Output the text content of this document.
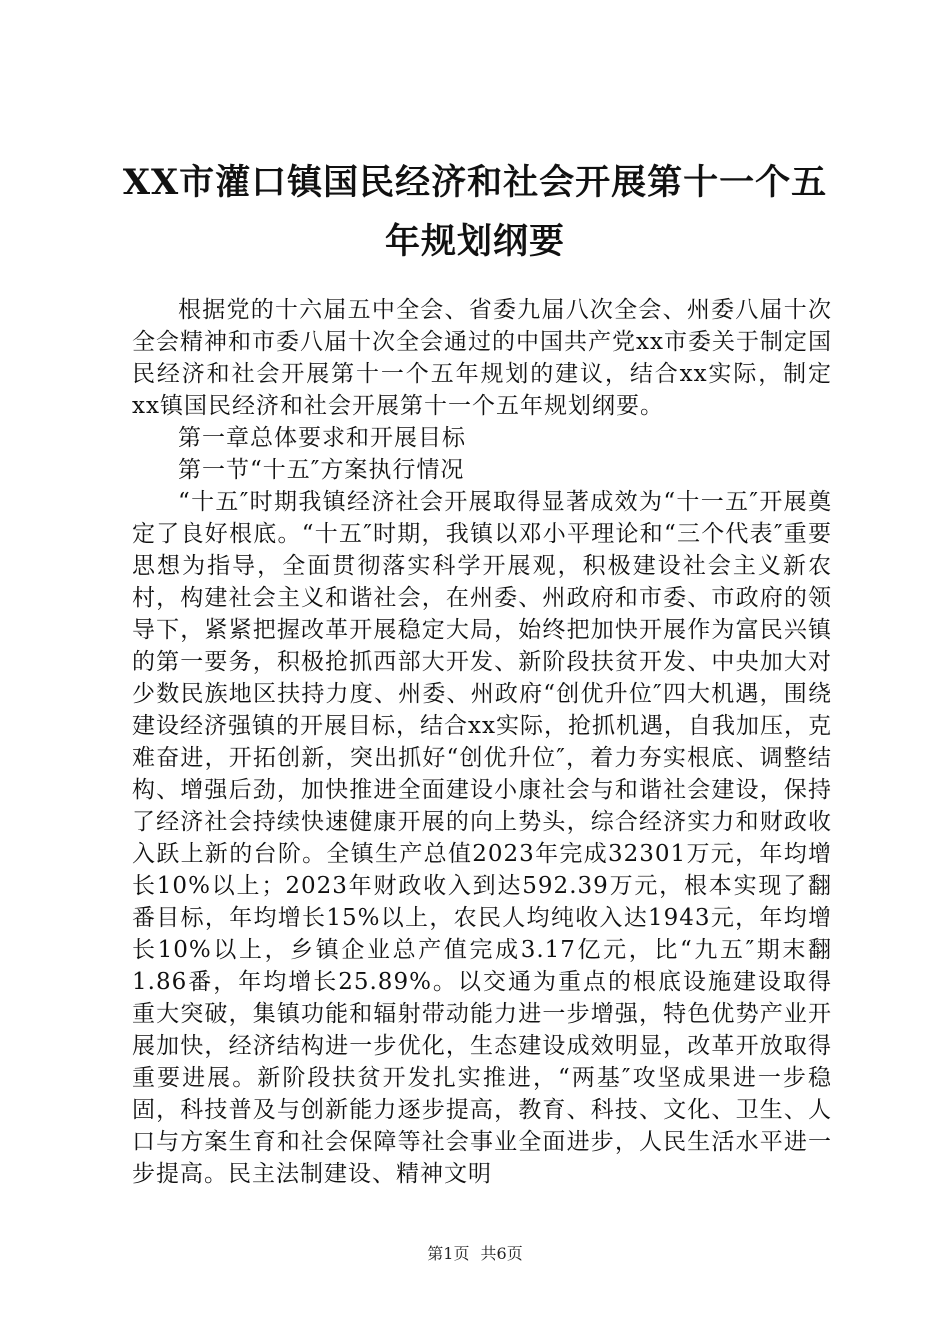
XX市灌口镇国民经济和社会开展第十一个五
年规划纲要

根据党的十六届五中全会、省委九届八次全会、州委八届十次全会精神和市委八届十次全会通过的中国共产党xx市委关于制定国民经济和社会开展第十一个五年规划的建议，结合xx实际，制定xx镇国民经济和社会开展第十一个五年规划纲要。

第一章总体要求和开展目标

第一节“十五″方案执行情况

“十五″时期我镇经济社会开展取得显著成效为“十一五″开展奠定了良好根底。“十五″时期，我镇以邓小平理论和“三个代表″重要思想为指导，全面贯彻落实科学开展观，积极建设社会主义新农村，构建社会主义和谐社会，在州委、州政府和市委、市政府的领导下，紧紧把握改革开展稳定大局，始终把加快开展作为富民兴镇的第一要务，积极抢抓西部大开发、新阶段扶贫开发、中央加大对少数民族地区扶持力度、州委、州政府“创优升位″四大机遇，围绕建设经济强镇的开展目标，结合xx实际，抢抓机遇，自我加压，克难奋进，开拓创新，突出抓好“创优升位″，着力夯实根底、调整结构、增强后劲，加快推进全面建设小康社会与和谐社会建设，保持了经济社会持续快速健康开展的向上势头，综合经济实力和财政收入跃上新的台阶。全镇生产总值2023年完成32301万元，年均增长10%以上；2023年财政收入到达592.39万元，根本实现了翻番目标，年均增长15%以上，农民人均纯收入达1943元，年均增长10%以上，乡镇企业总产值完成3.17亿元，比“九五″期末翻1.86番，年均增长25.89%。以交通为重点的根底设施建设取得重大突破，集镇功能和辐射带动能力进一步增强，特色优势产业开展加快，经济结构进一步优化，生态建设成效明显，改革开放取得重要进展。新阶段扶贫开发扎实推进，“两基″攻坚成果进一步稳固，科技普及与创新能力逐步提高，教育、科技、文化、卫生、人口与方案生育和社会保障等社会事业全面进步，人民生活水平进一步提高。民主法制建设、精神文明

第1页 共6页
